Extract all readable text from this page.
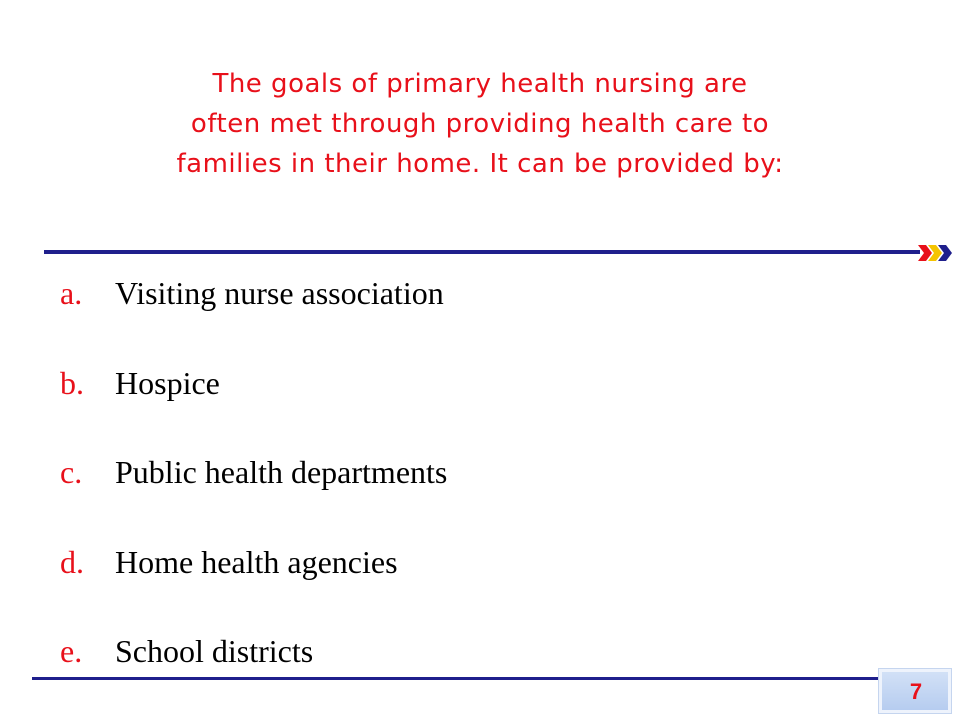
The goals of primary health nursing are
often met through providing health care to
families in their home. It can be provided by:
a. Visiting nurse association
b. Hospice
c. Public health departments
d. Home health agencies
e. School districts
7
